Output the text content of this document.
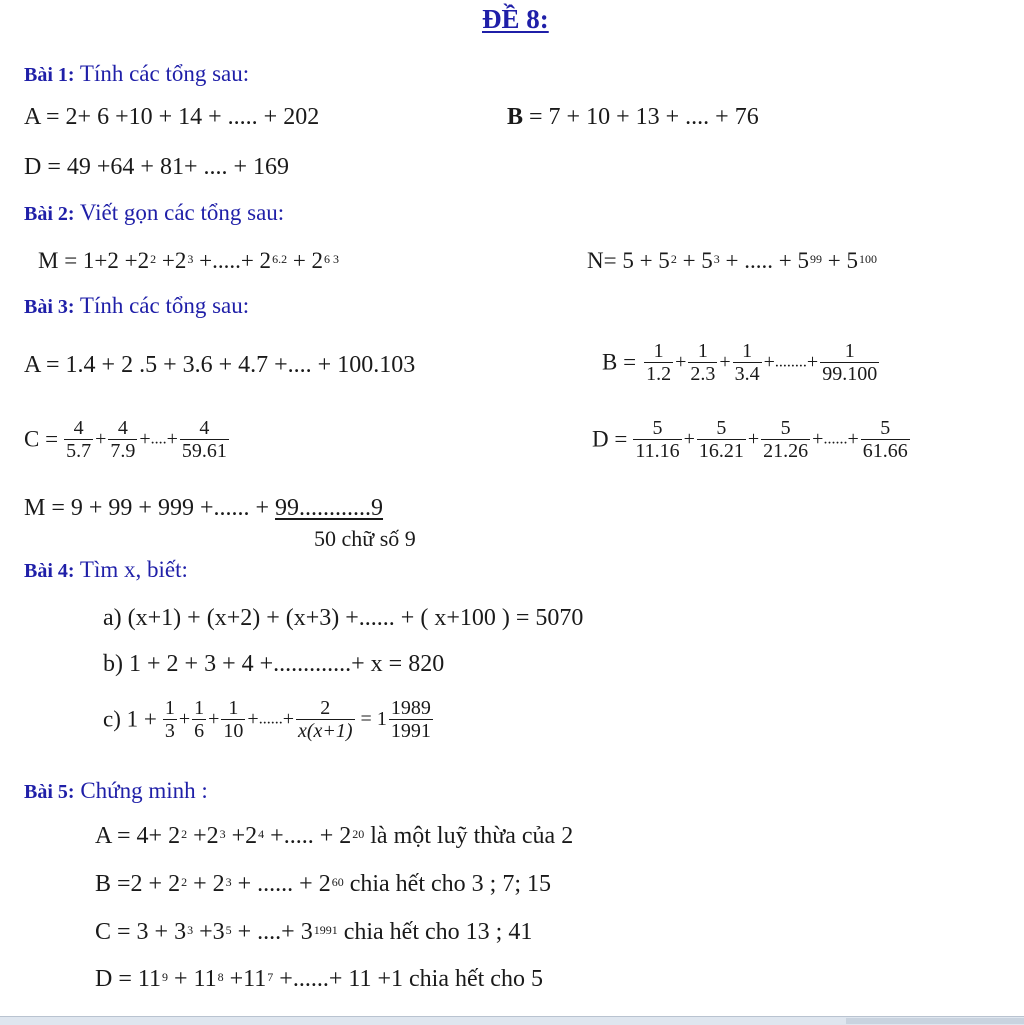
ĐỀ 8:
Bài 1: Tính các tổng sau:
A = 2+ 6 +10 + 14 + ..... + 202	B = 7 + 10 + 13 + .... + 76
D = 49 +64 + 81+ .... + 169
Bài 2: Viết gọn các tổng sau:
$M = 1+2 +2^2 +2^3$ +.....+ $2^{6.2} + 2^{6 3}$	$N= 5 + 5^2 + 5^3$ + ..... + $5^{99} + 5^{100}$
Bài 3: Tính các tổng sau:
A = 1.4 + 2 .5 + 3.6 + 4.7 +.... + 100.103	$B = \frac{1}{1.2} + \frac{1}{2.3} + \frac{1}{3.4}$ +........+ $\frac{1}{99.100}$
$C = \frac{4}{5.7} + \frac{4}{7.9}$ +....+ $\frac{4}{59.61}$	$D = \frac{5}{11.16} + \frac{5}{16.21} + \frac{5}{21.26}$ +......+ $\frac{5}{61.66}$
M = 9 + 99 + 999 +...... + 99............9
50 chữ số 9
Bài 4: Tìm x, biết:
a) (x+1) + (x+2) + (x+3) +...... + ( x+100 ) = 5070
b) 1 + 2 + 3 + 4 +.............+ x = 820
c) $1 + \frac{1}{3} + \frac{1}{6} + \frac{1}{10}$ +......+ $\frac{2}{x(x+1)} = 1 \frac{1989}{1991}$
Bài 5: Chứng minh :
$A = 4+ 2^2 +2^3 +2^4$ +..... + $2^{20}$ là một luỹ thừa của 2
$B =2 + 2^2 + 2^3$ + ...... + $2^{60}$ chia hết cho 3 ; 7; 15
$C = 3 + 3^3 +3^5$ + ....+ $3^{1991}$ chia hết cho 13 ; 41
$D = 11^9 + 11^8 +11^7$ +......+ 11 +1 chia hết cho 5
